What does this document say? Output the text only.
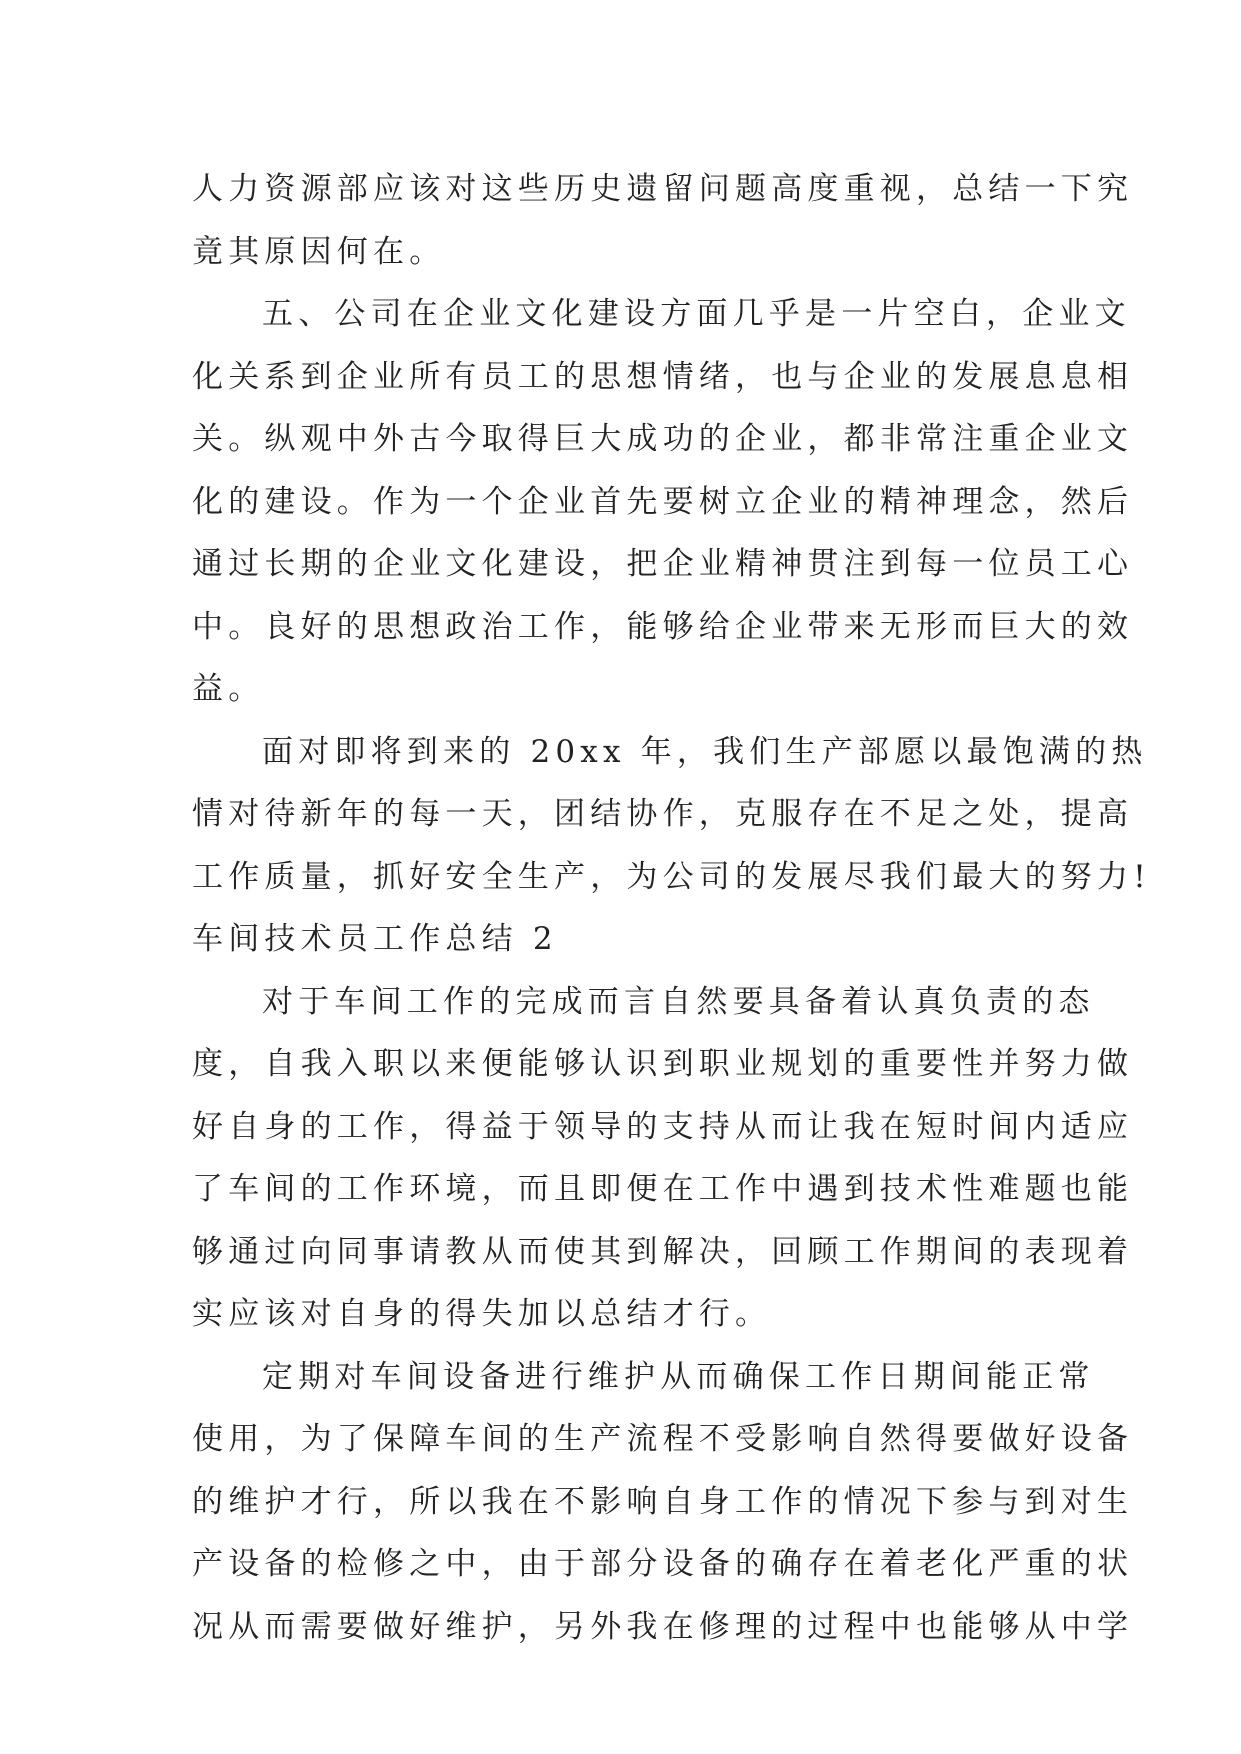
人力资源部应该对这些历史遗留问题高度重视，总结一下究
竟其原因何在。
五、公司在企业文化建设方面几乎是一片空白，企业文
化关系到企业所有员工的思想情绪，也与企业的发展息息相
关。纵观中外古今取得巨大成功的企业，都非常注重企业文
化的建设。作为一个企业首先要树立企业的精神理念，然后
通过长期的企业文化建设，把企业精神贯注到每一位员工心
中。良好的思想政治工作，能够给企业带来无形而巨大的效
益。
面对即将到来的 20xx 年，我们生产部愿以最饱满的热
情对待新年的每一天，团结协作，克服存在不足之处，提高
工作质量，抓好安全生产，为公司的发展尽我们最大的努力!
车间技术员工作总结 2
对于车间工作的完成而言自然要具备着认真负责的态
度，自我入职以来便能够认识到职业规划的重要性并努力做
好自身的工作，得益于领导的支持从而让我在短时间内适应
了车间的工作环境，而且即便在工作中遇到技术性难题也能
够通过向同事请教从而使其到解决，回顾工作期间的表现着
实应该对自身的得失加以总结才行。
定期对车间设备进行维护从而确保工作日期间能正常
使用，为了保障车间的生产流程不受影响自然得要做好设备
的维护才行，所以我在不影响自身工作的情况下参与到对生
产设备的检修之中，由于部分设备的确存在着老化严重的状
况从而需要做好维护，另外我在修理的过程中也能够从中学
